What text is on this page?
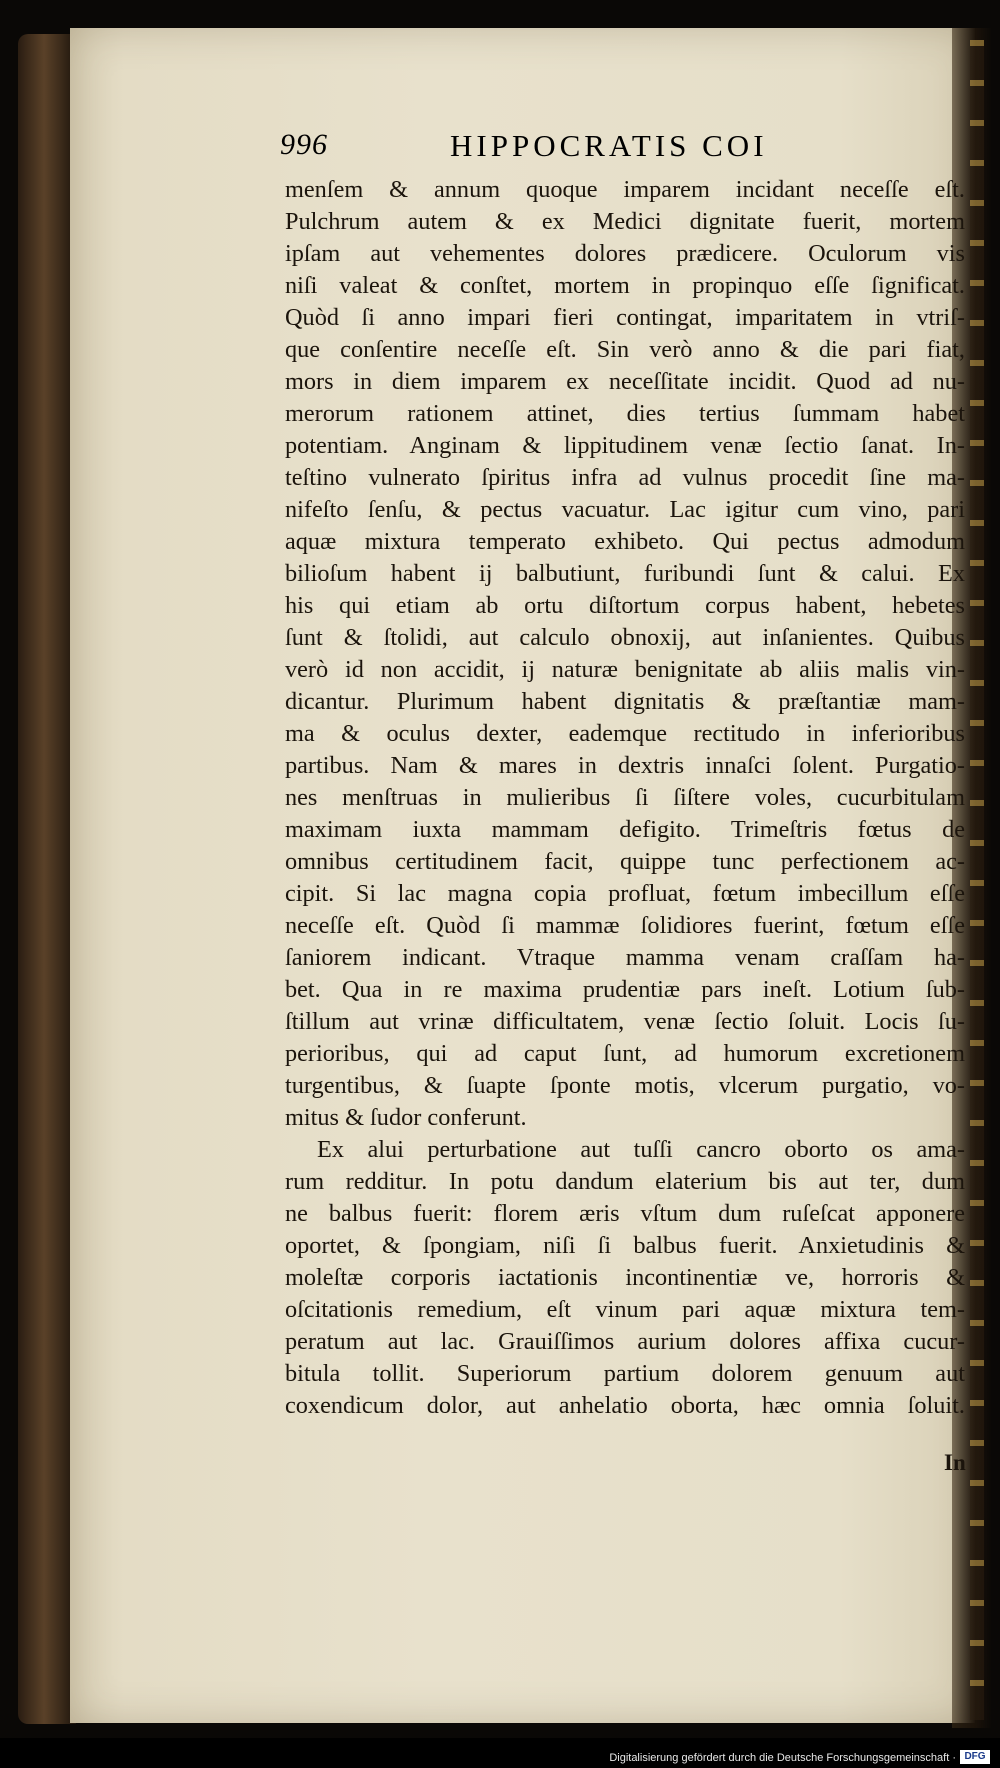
996	HIPPOCRATIS COI
menſem & annum quoque imparem incidant neceſſe eſt.
Pulchrum autem & ex Medici dignitate fuerit, mortem
ipſam aut vehementes dolores prædicere. Oculorum vis
niſi valeat & conſtet, mortem in propinquo eſſe ſignificat.
Quòd ſi anno impari fieri contingat, imparitatem in vtriſ-
que conſentire neceſſe eſt. Sin verò anno & die pari fiat,
mors in diem imparem ex neceſſitate incidit. Quod ad nu-
merorum rationem attinet, dies tertius ſummam habet
potentiam. Anginam & lippitudinem venæ ſectio ſanat. In-
teſtino vulnerato ſpiritus infra ad vulnus procedit ſine ma-
nifeſto ſenſu, & pectus vacuatur. Lac igitur cum vino, pari
aquæ mixtura temperato exhibeto. Qui pectus admodum
bilioſum habent ij balbutiunt, furibundi ſunt & calui. Ex
his qui etiam ab ortu diſtortum corpus habent, hebetes
ſunt & ſtolidi, aut calculo obnoxij, aut inſanientes. Quibus
verò id non accidit, ij naturæ benignitate ab aliis malis vin-
dicantur. Plurimum habent dignitatis & præſtantiæ mam-
ma & oculus dexter, eademque rectitudo in inferioribus
partibus. Nam & mares in dextris innaſci ſolent. Purgatio-
nes menſtruas in mulieribus ſi ſiſtere voles, cucurbitulam
maximam iuxta mammam defigito. Trimeſtris fœtus de
omnibus certitudinem facit, quippe tunc perfectionem ac-
cipit. Si lac magna copia profluat, fœtum imbecillum eſſe
neceſſe eſt. Quòd ſi mammæ ſolidiores fuerint, fœtum eſſe
ſaniorem indicant. Vtraque mamma venam craſſam ha-
bet. Qua in re maxima prudentiæ pars ineſt. Lotium ſub-
ſtillum aut vrinæ difficultatem, venæ ſectio ſoluit. Locis ſu-
perioribus, qui ad caput ſunt, ad humorum excretionem
turgentibus, & ſuapte ſponte motis, vlcerum purgatio, vo-
mitus & ſudor conferunt.
Ex alui perturbatione aut tuſſi cancro oborto os ama-
rum redditur. In potu dandum elaterium bis aut ter, dum
ne balbus fuerit: florem æris vſtum dum ruſeſcat apponere
oportet, & ſpongiam, niſi ſi balbus fuerit. Anxietudinis &
moleſtæ corporis iactationis incontinentiæ ve, horroris &
oſcitationis remedium, eſt vinum pari aquæ mixtura tem-
peratum aut lac. Grauiſſimos aurium dolores affixa cucur-
bitula tollit. Superiorum partium dolorem genuum aut
coxendicum dolor, aut anhelatio oborta, hæc omnia ſoluit.
In
Digitalisierung gefördert durch die Deutsche Forschungsgemeinschaft · DFG
